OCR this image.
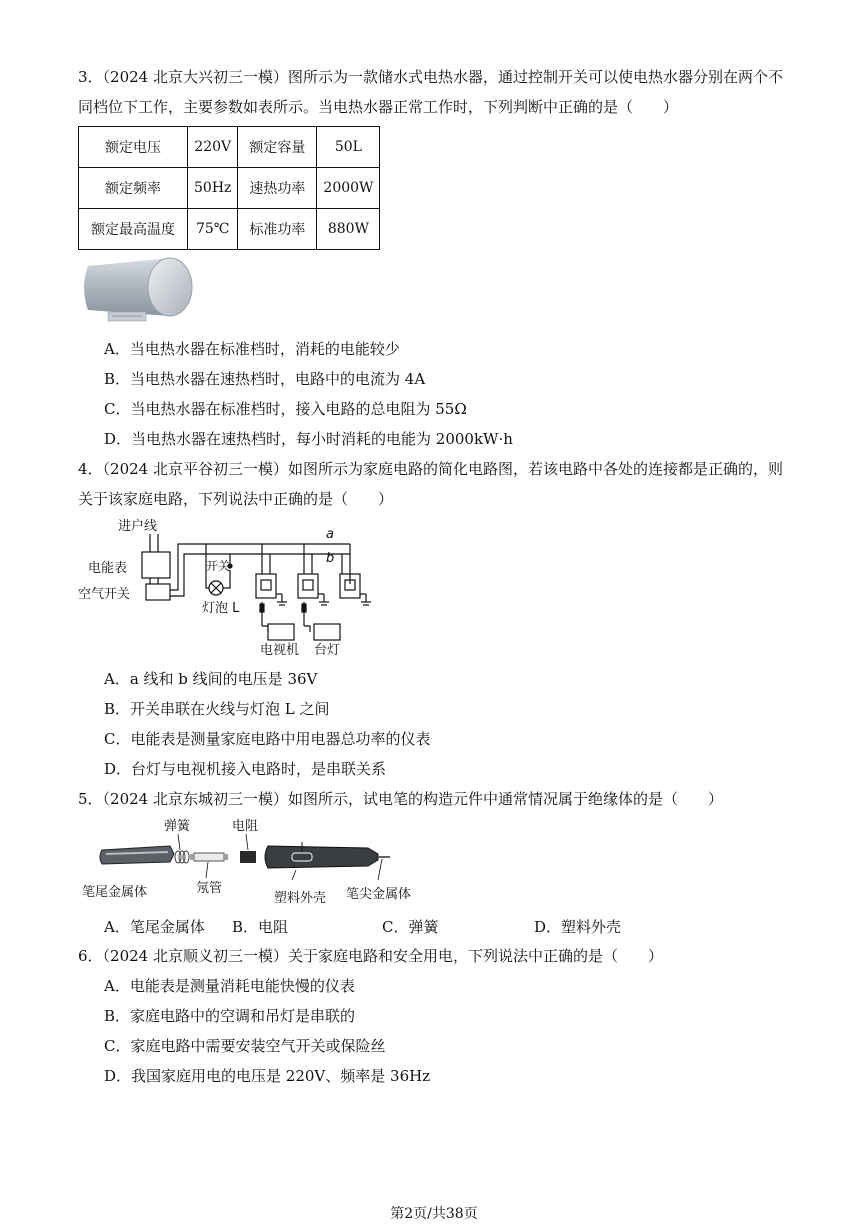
3．（2024 北京大兴初三一模）图所示为一款储水式电热水器，通过控制开关可以使电热水器分别在两个不
同档位下工作，主要参数如表所示。当电热水器正常工作时，下列判断中正确的是（　　）
额定电压	220V	额定容量	50L
额定频率	50Hz	速热功率	2000W
额定最高温度	75℃	标准功率	880W
A．当电热水器在标准档时，消耗的电能较少
B．当电热水器在速热档时，电路中的电流为 4A
C．当电热水器在标准档时，接入电路的总电阻为 55Ω
D．当电热水器在速热档时，每小时消耗的电能为 2000kW·h
4．（2024 北京平谷初三一模）如图所示为家庭电路的简化电路图，若该电路中各处的连接都是正确的，则
关于该家庭电路，下列说法中正确的是（　　）
进户线
电能表
空气开关
a
b
开关
灯泡 L
电视机 台灯
A．a 线和 b 线间的电压是 36V
B．开关串联在火线与灯泡 L 之间
C．电能表是测量家庭电路中用电器总功率的仪表
D．台灯与电视机接入电路时，是串联关系
5．（2024 北京东城初三一模）如图所示，试电笔的构造元件中通常情况属于绝缘体的是（　　）
弹簧	电阻
氖管
笔尾金属体	塑料外壳 笔尖金属体
A．笔尾金属体 B．电阻	C．弹簧	D．塑料外壳
6．（2024 北京顺义初三一模）关于家庭电路和安全用电，下列说法中正确的是（　　）
A．电能表是测量消耗电能快慢的仪表
B．家庭电路中的空调和吊灯是串联的
C．家庭电路中需要安装空气开关或保险丝
D．我国家庭用电的电压是 220V、频率是 36Hz
第2页/共38页
